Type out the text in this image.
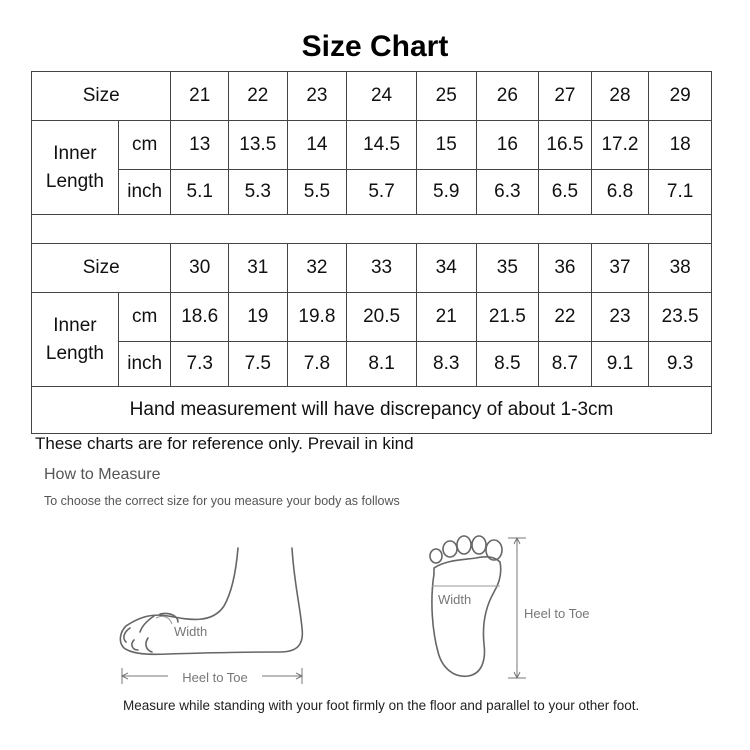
Size Chart
Size		21	22	23	24	25	26	27	28	29
Inner
Length	cm	13	13.5	14	14.5	15	16	16.5	17.2	18
	inch	5.1	5.3	5.5	5.7	5.9	6.3	6.5	6.8	7.1

Size		30	31	32	33	34	35	36	37	38
Inner
Length	cm	18.6	19	19.8	20.5	21	21.5	22	23	23.5
	inch	7.3	7.5	7.8	8.1	8.3	8.5	8.7	9.1	9.3
Hand measurement will have discrepancy of about 1-3cm										
These charts are for reference only. Prevail in kind
How to Measure
To choose the correct size for you measure your body as follows
Width
Heel to Toe
Width
Heel to Toe
Measure while standing with your foot firmly on the floor and parallel to your other foot.
